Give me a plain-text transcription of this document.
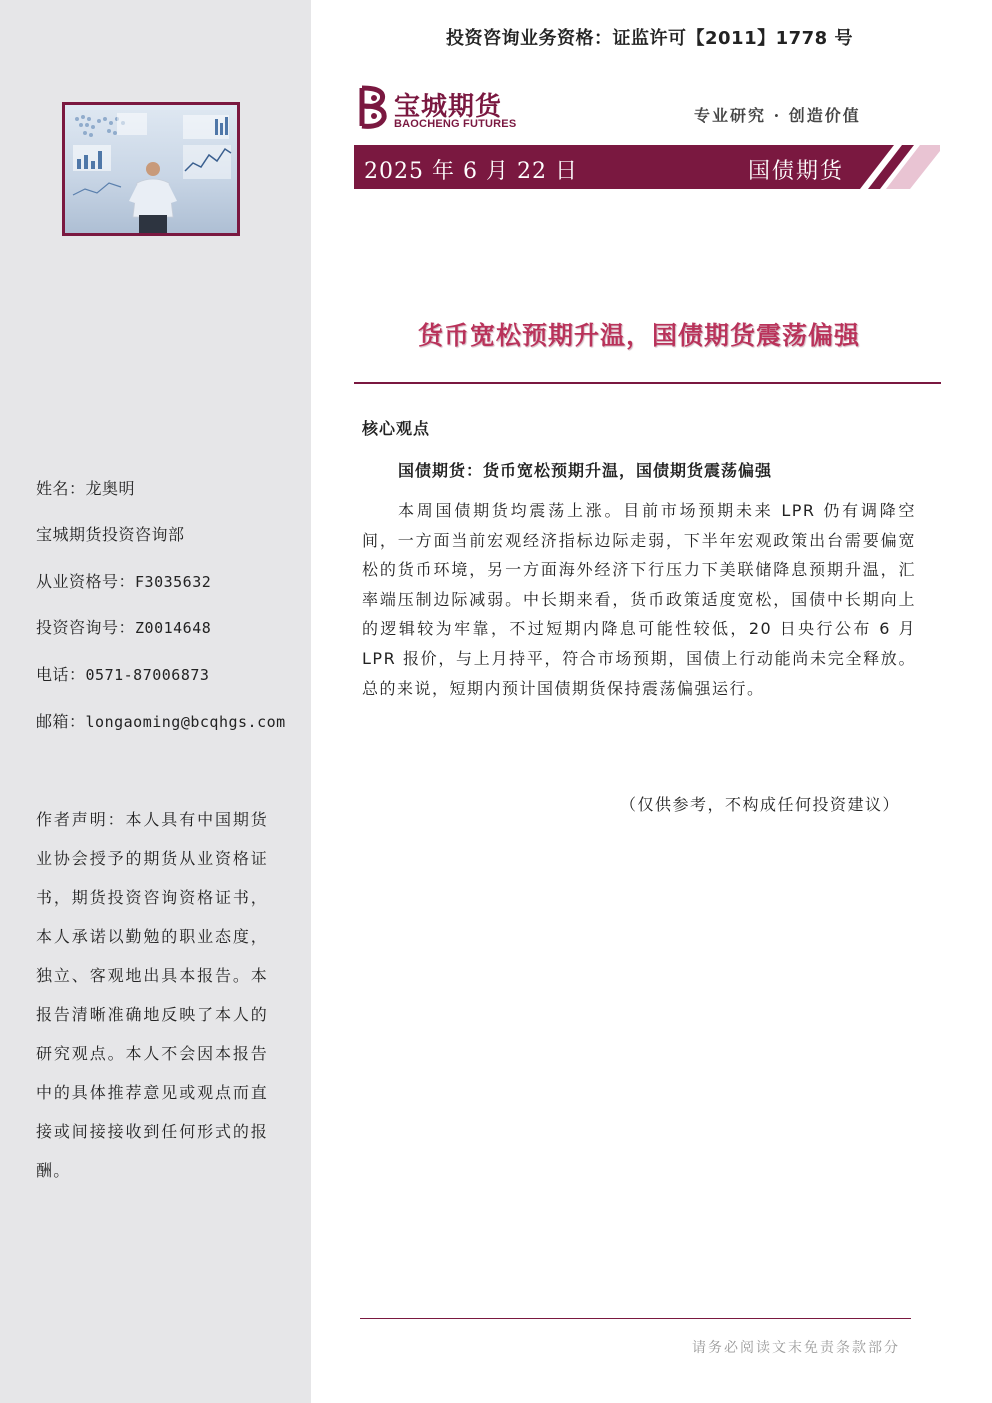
姓名：龙奥明
宝城期货投资咨询部
从业资格号：F3035632
投资咨询号：Z0014648
电话：0571-87006873
邮箱：longaoming@bcqhgs.com
作者声明：本人具有中国期货业协会授予的期货从业资格证书，期货投资咨询资格证书，本人承诺以勤勉的职业态度，独立、客观地出具本报告。本报告清晰准确地反映了本人的研究观点。本人不会因本报告中的具体推荐意见或观点而直接或间接接收到任何形式的报酬。
投资咨询业务资格：证监许可【2011】1778 号
宝城期货
BAOCHENG FUTURES	专业研究 · 创造价值
2025 年 6 月 22 日	国债期货
货币宽松预期升温，国债期货震荡偏强
核心观点
国债期货：货币宽松预期升温，国债期货震荡偏强
本周国债期货均震荡上涨。目前市场预期未来 LPR 仍有调降空间，一方面当前宏观经济指标边际走弱，下半年宏观政策出台需要偏宽松的货币环境，另一方面海外经济下行压力下美联储降息预期升温，汇率端压制边际减弱。中长期来看，货币政策适度宽松，国债中长期向上的逻辑较为牢靠，不过短期内降息可能性较低，20 日央行公布 6 月 LPR 报价，与上月持平，符合市场预期，国债上行动能尚未完全释放。总的来说，短期内预计国债期货保持震荡偏强运行。
（仅供参考，不构成任何投资建议）
请务必阅读文末免责条款部分
